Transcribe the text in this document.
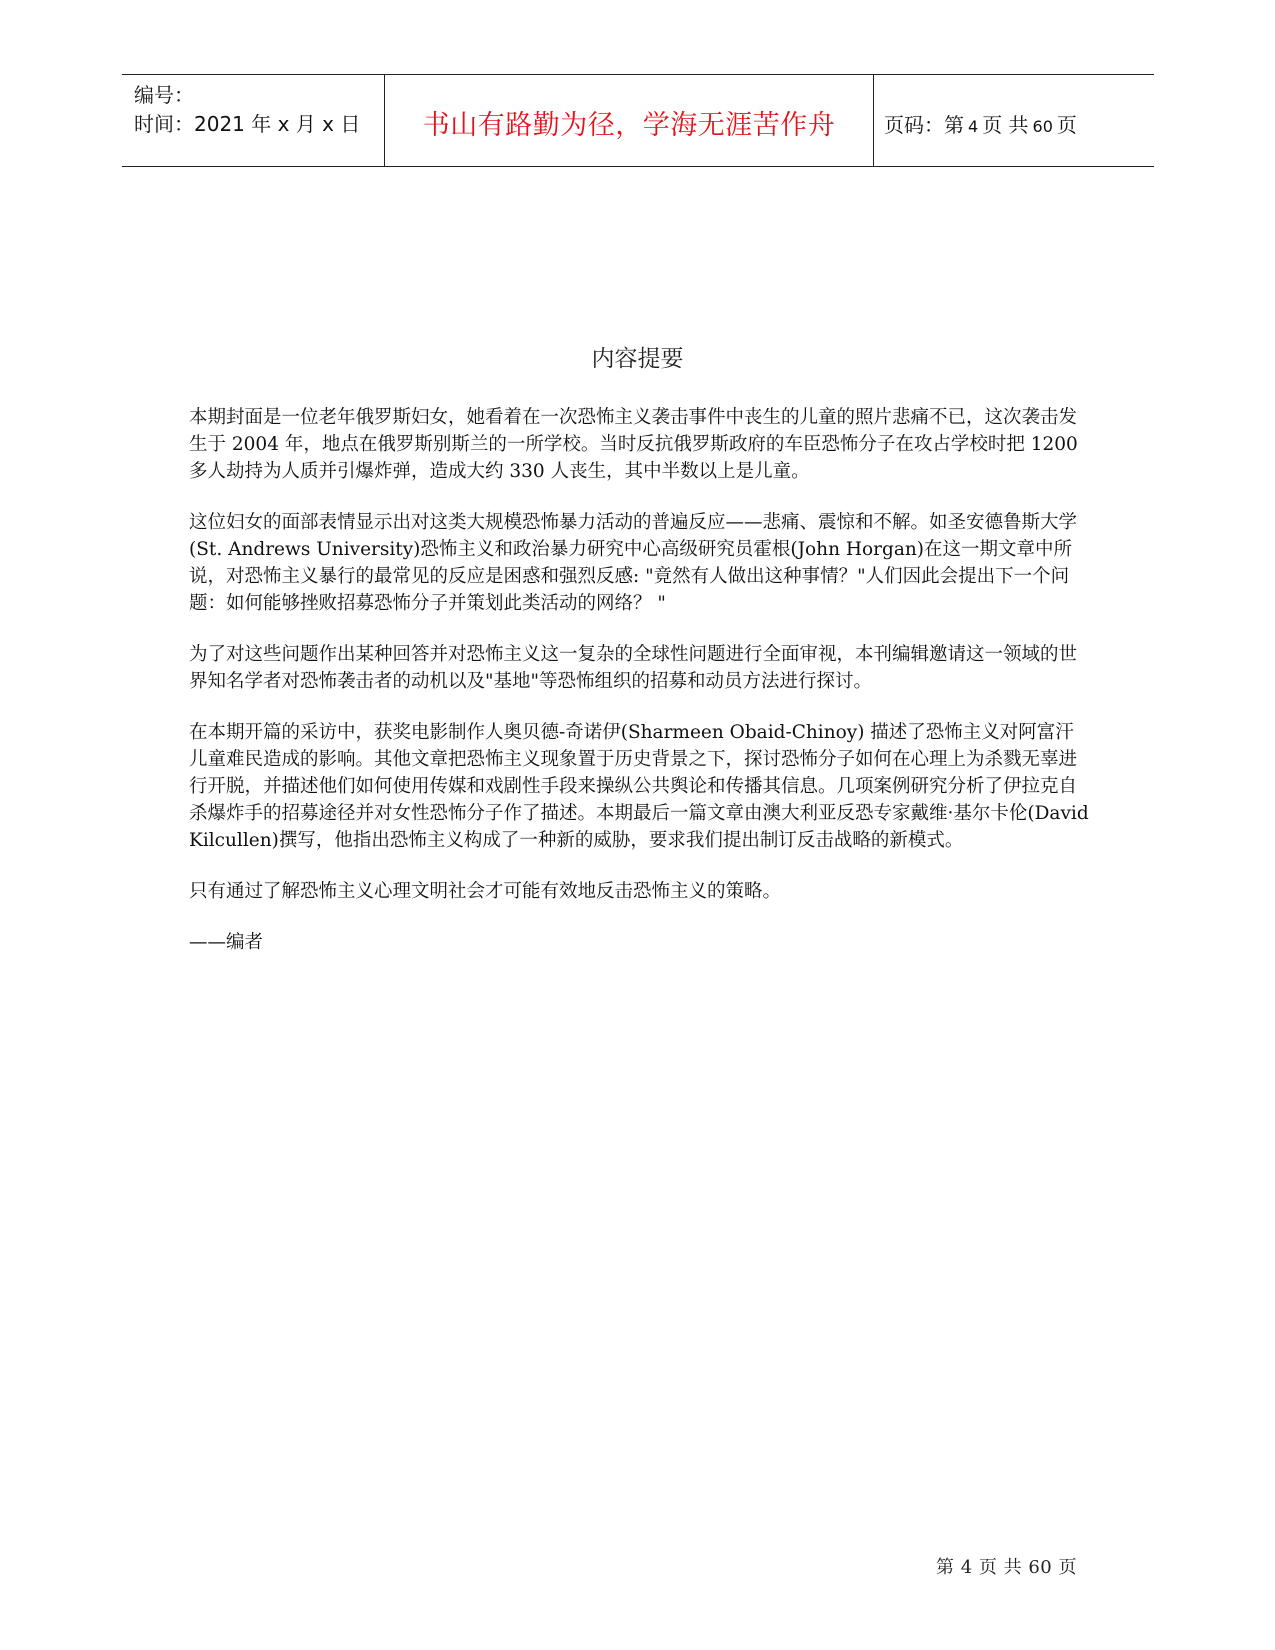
编号：
时间：2021 年 x 月 x 日	书山有路勤为径，学海无涯苦作舟	页码：第 4 页 共 60 页
内容提要

本期封面是一位老年俄罗斯妇女，她看着在一次恐怖主义袭击事件中丧生的儿童的照片悲痛不已，这次袭击发生于 2004 年，地点在俄罗斯别斯兰的一所学校。当时反抗俄罗斯政府的车臣恐怖分子在攻占学校时把 1200 多人劫持为人质并引爆炸弹，造成大约 330 人丧生，其中半数以上是儿童。

这位妇女的面部表情显示出对这类大规模恐怖暴力活动的普遍反应——悲痛、震惊和不解。如圣安德鲁斯大学(St. Andrews University)恐怖主义和政治暴力研究中心高级研究员霍根(John Horgan)在这一期文章中所说，对恐怖主义暴行的最常见的反应是困惑和强烈反感: "竟然有人做出这种事情？"人们因此会提出下一个问题：如何能够挫败招募恐怖分子并策划此类活动的网络？ "

为了对这些问题作出某种回答并对恐怖主义这一复杂的全球性问题进行全面审视，本刊编辑邀请这一领域的世界知名学者对恐怖袭击者的动机以及"基地"等恐怖组织的招募和动员方法进行探讨。

在本期开篇的采访中，获奖电影制作人奥贝德-奇诺伊(Sharmeen Obaid-Chinoy) 描述了恐怖主义对阿富汗儿童难民造成的影响。其他文章把恐怖主义现象置于历史背景之下，探讨恐怖分子如何在心理上为杀戮无辜进行开脱，并描述他们如何使用传媒和戏剧性手段来操纵公共舆论和传播其信息。几项案例研究分析了伊拉克自杀爆炸手的招募途径并对女性恐怖分子作了描述。本期最后一篇文章由澳大利亚反恐专家戴维·基尔卡伦(David Kilcullen)撰写，他指出恐怖主义构成了一种新的威胁，要求我们提出制订反击战略的新模式。

只有通过了解恐怖主义心理文明社会才可能有效地反击恐怖主义的策略。

——编者

第 4 页 共 60 页
